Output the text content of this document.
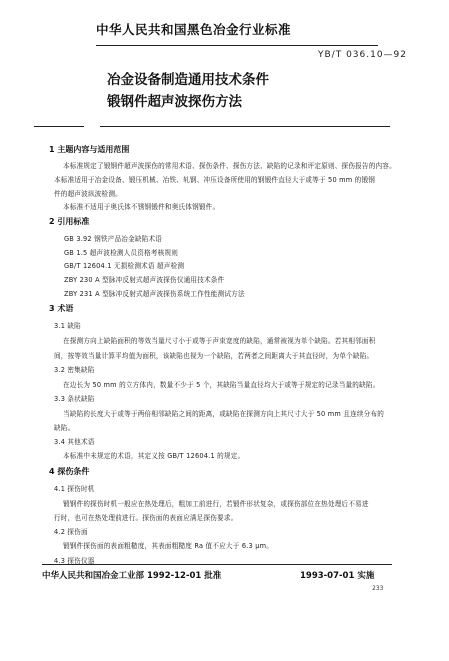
中华人民共和国黑色冶金行业标准
YB/T 036.10—92
冶金设备制造通用技术条件
锻钢件超声波探伤方法
1 主题内容与适用范围
本标准规定了锻钢件超声波探伤的常用术语、探伤条件、探伤方法、缺陷的记录和评定原则、探伤报告的内容。
本标准适用于冶金设备、锻压机械、冶铁、轧钢、冲压设备所使用的钢锻件直径大于或等于 50 mm 的锻钢
件的超声波纵波检测。
本标准不适用于奥氏体不锈钢锻件和奥氏体钢锻件。
2 引用标准
GB 3.92 钢铁产品冶金缺陷术语
GB 1.5 超声波检测人员资格考核规则
GB/T 12604.1 无损检测术语 超声检测
ZBY 230 A 型脉冲反射式超声波探伤仪通用技术条件
ZBY 231 A 型脉冲反射式超声波探伤系统工作性能测试方法
3 术语
3.1 缺陷
在探测方向上缺陷面积的等效当量尺寸小于或等于声束宽度的缺陷，通常被视为单个缺陷。若其相邻面积
间，按等效当量计算平均值为面积，该缺陷也视为一个缺陷，若两者之间距离大于其直径时，为单个缺陷。
3.2 密集缺陷
在边长为 50 mm 的立方体内，数量不少于 5 个，其缺陷当量直径均大于或等于规定的记录当量的缺陷。
3.3 条状缺陷
当缺陷的长度大于或等于两倍相邻缺陷之间的距离，或缺陷在探测方向上其尺寸大于 50 mm 且连续分布的
缺陷。
3.4 其他术语
本标准中未规定的术语，其定义按 GB/T 12604.1 的规定。
4 探伤条件
4.1 探伤时机
锻钢件的探伤时机一般应在热处理后，粗加工前进行，若锻件形状复杂，或探伤部位在热处理后不易进
行时，也可在热处理前进行。探伤面的表面应满足探伤要求。
4.2 探伤面
锻钢件探伤面的表面粗糙度，其表面粗糙度 Ra 值不应大于 6.3 μm。
4.3 探伤仪器
中华人民共和国冶金工业部 1992-12-01 批准	1993-07-01 实施
233
